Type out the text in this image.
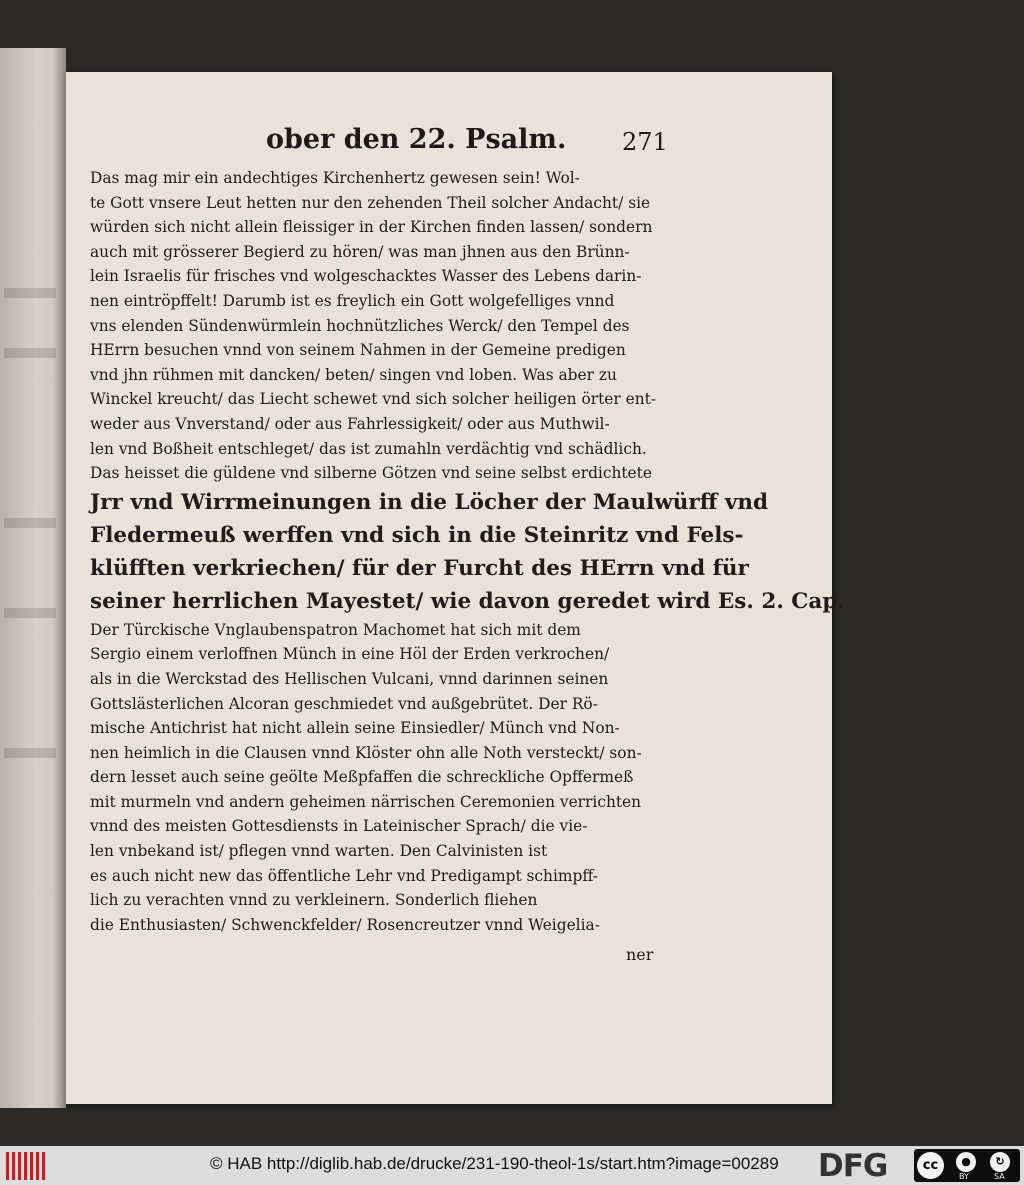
ober den 22. Psalm. 271
Das mag mir ein andechtiges Kirchenhertz gewesen sein! Wol-
te Gott vnsere Leut hetten nur den zehenden Theil solcher Andacht/ sie
würden sich nicht allein fleissiger in der Kirchen finden lassen/ sondern
auch mit grösserer Begierd zu hören/ was man jhnen aus den Brünn-
lein Israelis für frisches vnd wolgeschacktes Wasser des Lebens darin-
nen eintröpffelt! Darumb ist es freylich ein Gott wolgefelliges vnnd
vns elenden Sündenwürmlein hochnützliches Werck/ den Tempel des
HErrn besuchen vnnd von seinem Nahmen in der Gemeine predigen
vnd jhn rühmen mit dancken/ beten/ singen vnd loben. Was aber zu
Winckel kreucht/ das Liecht schewet vnd sich solcher heiligen örter ent-
weder aus Vnverstand/ oder aus Fahrlessigkeit/ oder aus Muthwil-
len vnd Boßheit entschleget/ das ist zumahln verdächtig vnd schädlich.
Das heisset die güldene vnd silberne Götzen vnd seine selbst erdichtete
Jrr vnd Wirrmeinungen in die Löcher der Maulwürff vnd
Fledermeuß werffen vnd sich in die Steinritz vnd Fels-
klüfften verkriechen/ für der Furcht des HErrn vnd für
seiner herrlichen Mayestet/ wie davon geredet wird Es. 2. Cap.
Der Türckische Vnglaubenspatron Machomet hat sich mit dem
Sergio einem verloffnen Münch in eine Höl der Erden verkrochen/
als in die Werckstad des Hellischen Vulcani, vnnd darinnen seinen
Gottslästerlichen Alcoran geschmiedet vnd außgebrütet. Der Rö-
mische Antichrist hat nicht allein seine Einsiedler/ Münch vnd Non-
nen heimlich in die Clausen vnnd Klöster ohn alle Noth versteckt/ son-
dern lesset auch seine geölte Meßpfaffen die schreckliche Opffermeß
mit murmeln vnd andern geheimen närrischen Ceremonien verrichten
vnnd des meisten Gottesdiensts in Lateinischer Sprach/ die vie-
len vnbekand ist/ pflegen vnnd warten. Den Calvinisten ist
es auch nicht new das öffentliche Lehr vnd Predigampt schimpff-
lich zu verachten vnnd zu verkleinern. Sonderlich fliehen
die Enthusiasten/ Schwenckfelder/ Rosencreutzer vnnd Weigelia-
ner
© HAB http://diglib.hab.de/drucke/231-190-theol-1s/start.htm?image=00289 DFG	cc	●	↻
BY	SA
